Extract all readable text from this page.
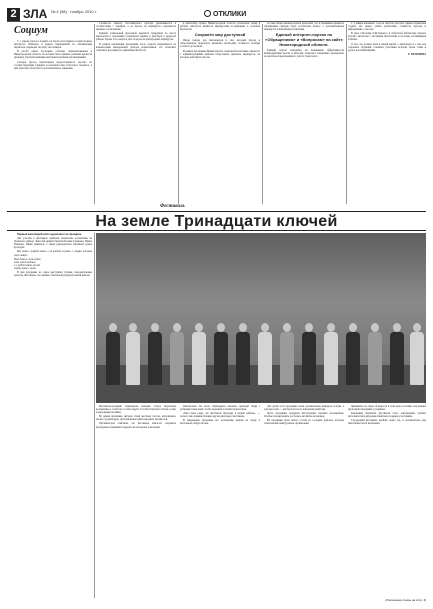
2 ЗЛА № 4 (58) · ноябрь 2010 г.	ОТКЛИКИ
Социум

С 1 апреля удалось поднять на проезд пассажиров в пригородных автобусах. Отмечено в рамках мероприятий по оптимизации перевозок, переводят на плату пассажиров.

В расчёт взяты последние события, нормализованные в Нижегородской области, на которых было принято решение провести проверку уполномоченными автотранспортными организациями.

Сегодня проезд пенсионерам предоставляется льготно по соответствующим тарифам и возможностям областного бюджета, а при пересчёте получается дополнительное снижение.

Стоимость единого пассажирского проезда увеличивается в соответствии с тарифом, а на проезд на маршрутах сохраняется прежнее соотношение.

Единый социальный проездной выдаётся гражданам по месту жительства в отделениях социальной защиты и действует в пределах района. Кроме того, ведётся учёт поездок на пригородных маршрутах.

В рамках реализации программы часть средств направляется на компенсацию выпадающих доходов перевозчиков, что позволяет сохранить регулярность движения автобусов.

в масштабах пункта Нижегородской области установлен тариф 8 рублей. Автобусы являются маршрутами по-прежнему в сельской местности.

Сохранён мир доступной

Иначе говоря, для пенсионеров и лиц, которым проезд в общественном транспорте жизненно необходим, стоимость поездки остаётся доступной.

В рамках программы Министерство социальной политики совместно с администрациями районов подготовило перечень маршрутов, на которых действуют льготы.

А глава Общественной палаты разъяснил, что в ближайшее время по обращениям граждан будет рассмотрен вопрос о дополнительных маршрутах и изменении расписания.

Единый интернет-портал по «Обращениям» и «Вопросам» на сайте Нижегородской области.

Единый портал направлен на повышение эффективности взаимодействия власти и жителей, позволяет оперативно реагировать на жалобы и предложения по работе транспорта.

С 5 января вызывают года на портале работает единая справочная служба, где можно узнать расписание, стоимость проезда и информацию о льготах.

В день 140-летия Л.М.Горького в областной библиотеке прошла встреча читателей с местными писателями и поэтами, посвящённая юбилею.

О том, что должно быть в нашей жизни, о литературе и о том, как сохранить традиции, говорили участники встречи, читая стихи и делясь воспоминаниями.

Е. ТИМОХИНА

Фестиваль
На земле Тринадцати ключей

Первый веселящий ключ вдохновил на праздник.

Для участия в фестивале прибыли творческие коллективы из Уренского района. Зрителей приветствовали Ксения Склярова, Ирина Пашкова, Юрий Девятков, а также руководители районных домов культуры.

Мы поём о родной земле, о её ключах и реках, о людях, которые здесь живут.

Нет дороги, есть земля,
есть ключи родные,
и с тобой опять всегда
сердце наше с ними.

В дни праздника на сцене выступили лучшие самодеятельные артисты. Фестиваль стал ярким событием культурной жизни района.

Фестиваль-праздник «Тринадцать ключей» собрал творческие коллективы и солистов со всей округи. Гостей встречали хлебом-солью и народными песнями.

Во время праздника звучали стихи местных поэтов, исполнялись песни о родном крае, проходили выставки народных промыслов.

Организаторы отметили, что фестиваль помогает сохранить культурные традиции и передать их молодому поколению.

Обязательно. Ко всем «Тринадцати ключам» приходят люди с добрыми помыслами, чтобы поделиться своим творчеством.

«Мы очень рады, что фестиваль проходит в нашем районе», — сказал глава администрации, вручая дипломы участникам.

В завершение праздника все коллективы вышли на сцену и исполнили общую песню.

Для детей этого праздника были организованы конкурсы и игры, а для взрослых — мастер-классы по народным ремёслам.

Честь праздника подарили выступления хоровых коллективов. Особые аплодисменты достались ансамблю ветеранов.

На празднике было много гостей из соседних районов, которые отметили высокий уровень организации.

принимают на сцене. Я выросла в этом краю и помню, как раньше проводили праздники у родников.

Ключевым моментом фестиваля стало награждение лучших исполнителей и вручение памятных подарков участникам.

Следующий фестиваль пройдёт через год, и организаторы уже приглашают всех желающих.

(Окончание темы на стр. 3)
